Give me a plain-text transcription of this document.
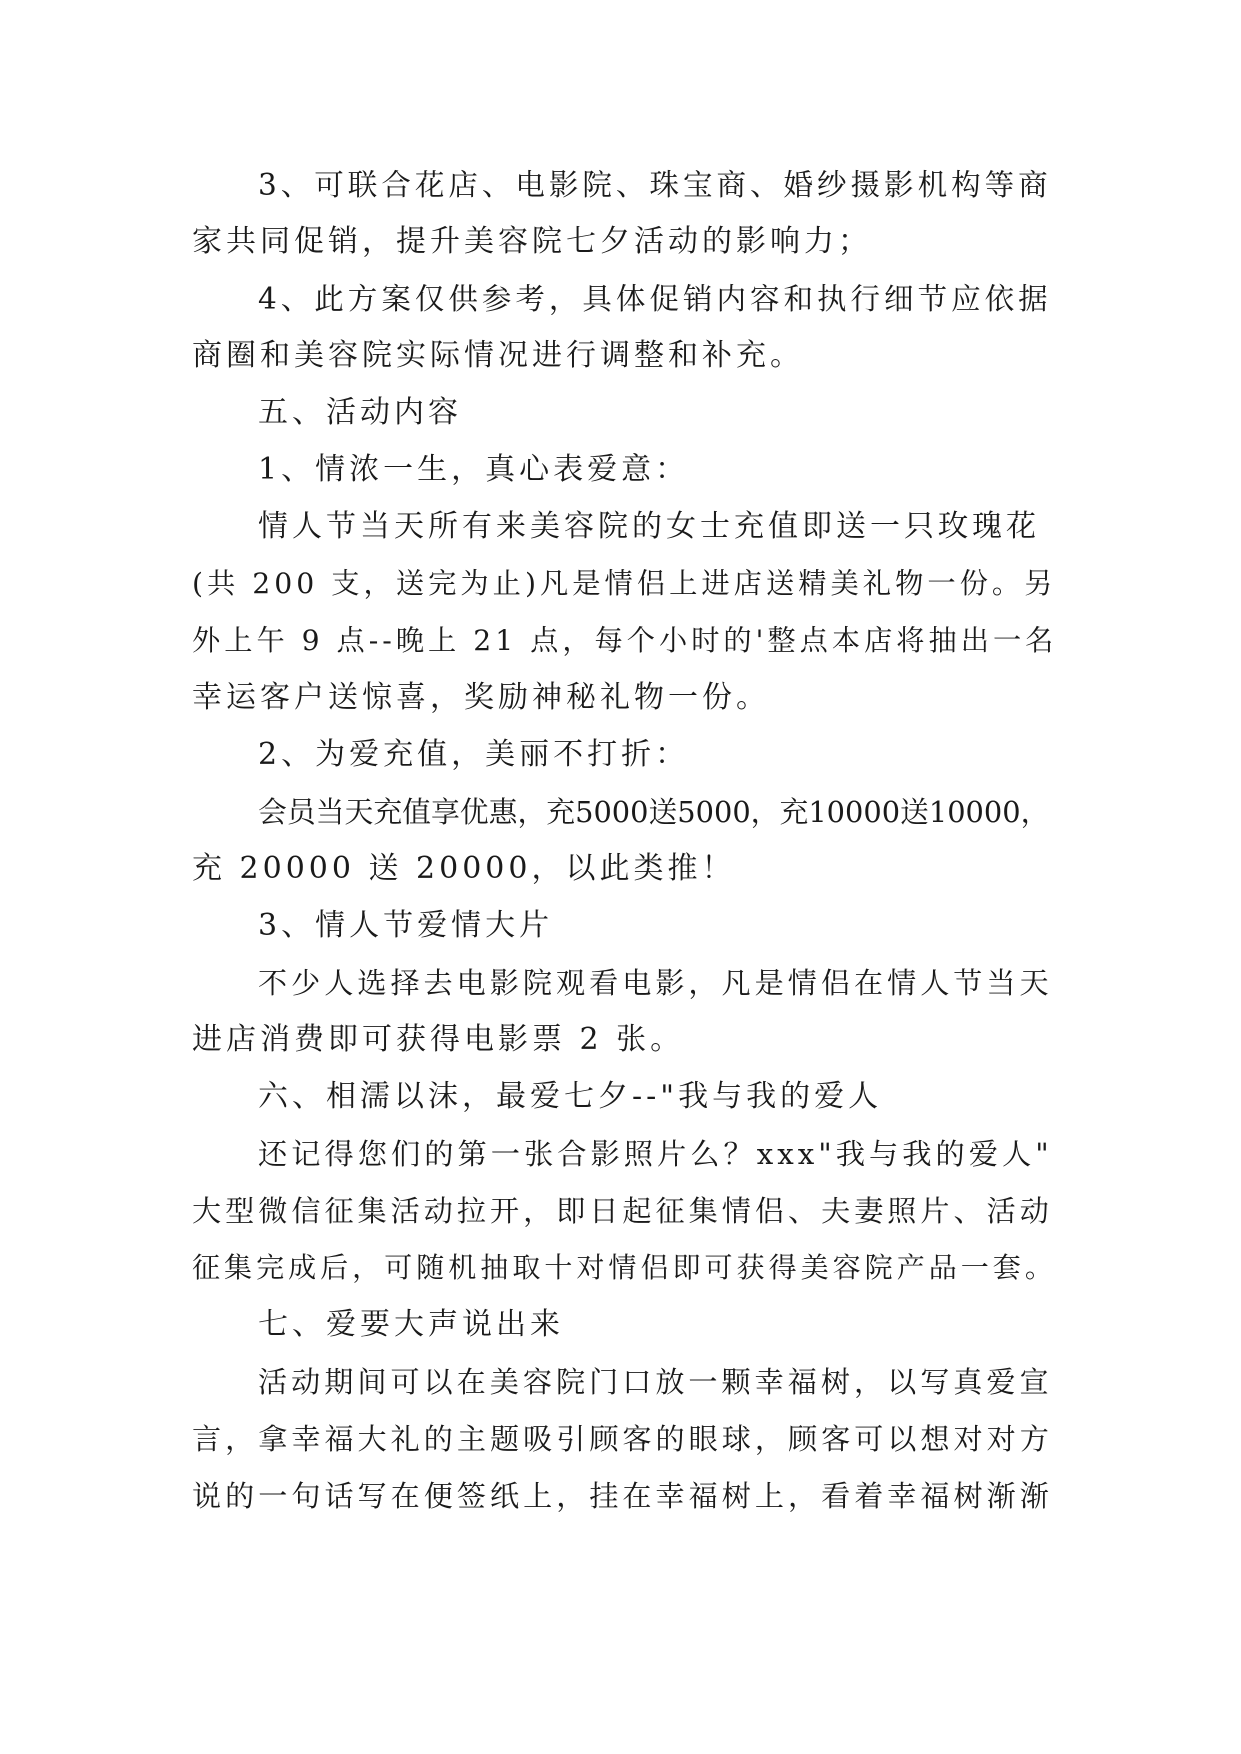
3、可联合花店、电影院、珠宝商、婚纱摄影机构等商
家共同促销，提升美容院七夕活动的影响力；
4、此方案仅供参考，具体促销内容和执行细节应依据
商圈和美容院实际情况进行调整和补充。
五、活动内容
1、情浓一生，真心表爱意：
情人节当天所有来美容院的女士充值即送一只玫瑰花
(共 200 支，送完为止)凡是情侣上进店送精美礼物一份。另
外上午 9 点--晚上 21 点，每个小时的'整点本店将抽出一名
幸运客户送惊喜，奖励神秘礼物一份。
2、为爱充值，美丽不打折：
会员当天充值享优惠，充5000送5000，充10000送10000，
充 20000 送 20000，以此类推！
3、情人节爱情大片
不少人选择去电影院观看电影，凡是情侣在情人节当天
进店消费即可获得电影票 2 张。
六、相濡以沫，最爱七夕--"我与我的爱人
还记得您们的第一张合影照片么？xxx"我与我的爱人"
大型微信征集活动拉开，即日起征集情侣、夫妻照片、活动
征集完成后，可随机抽取十对情侣即可获得美容院产品一套。
七、爱要大声说出来
活动期间可以在美容院门口放一颗幸福树，以写真爱宣
言，拿幸福大礼的主题吸引顾客的眼球，顾客可以想对对方
说的一句话写在便签纸上，挂在幸福树上，看着幸福树渐渐
